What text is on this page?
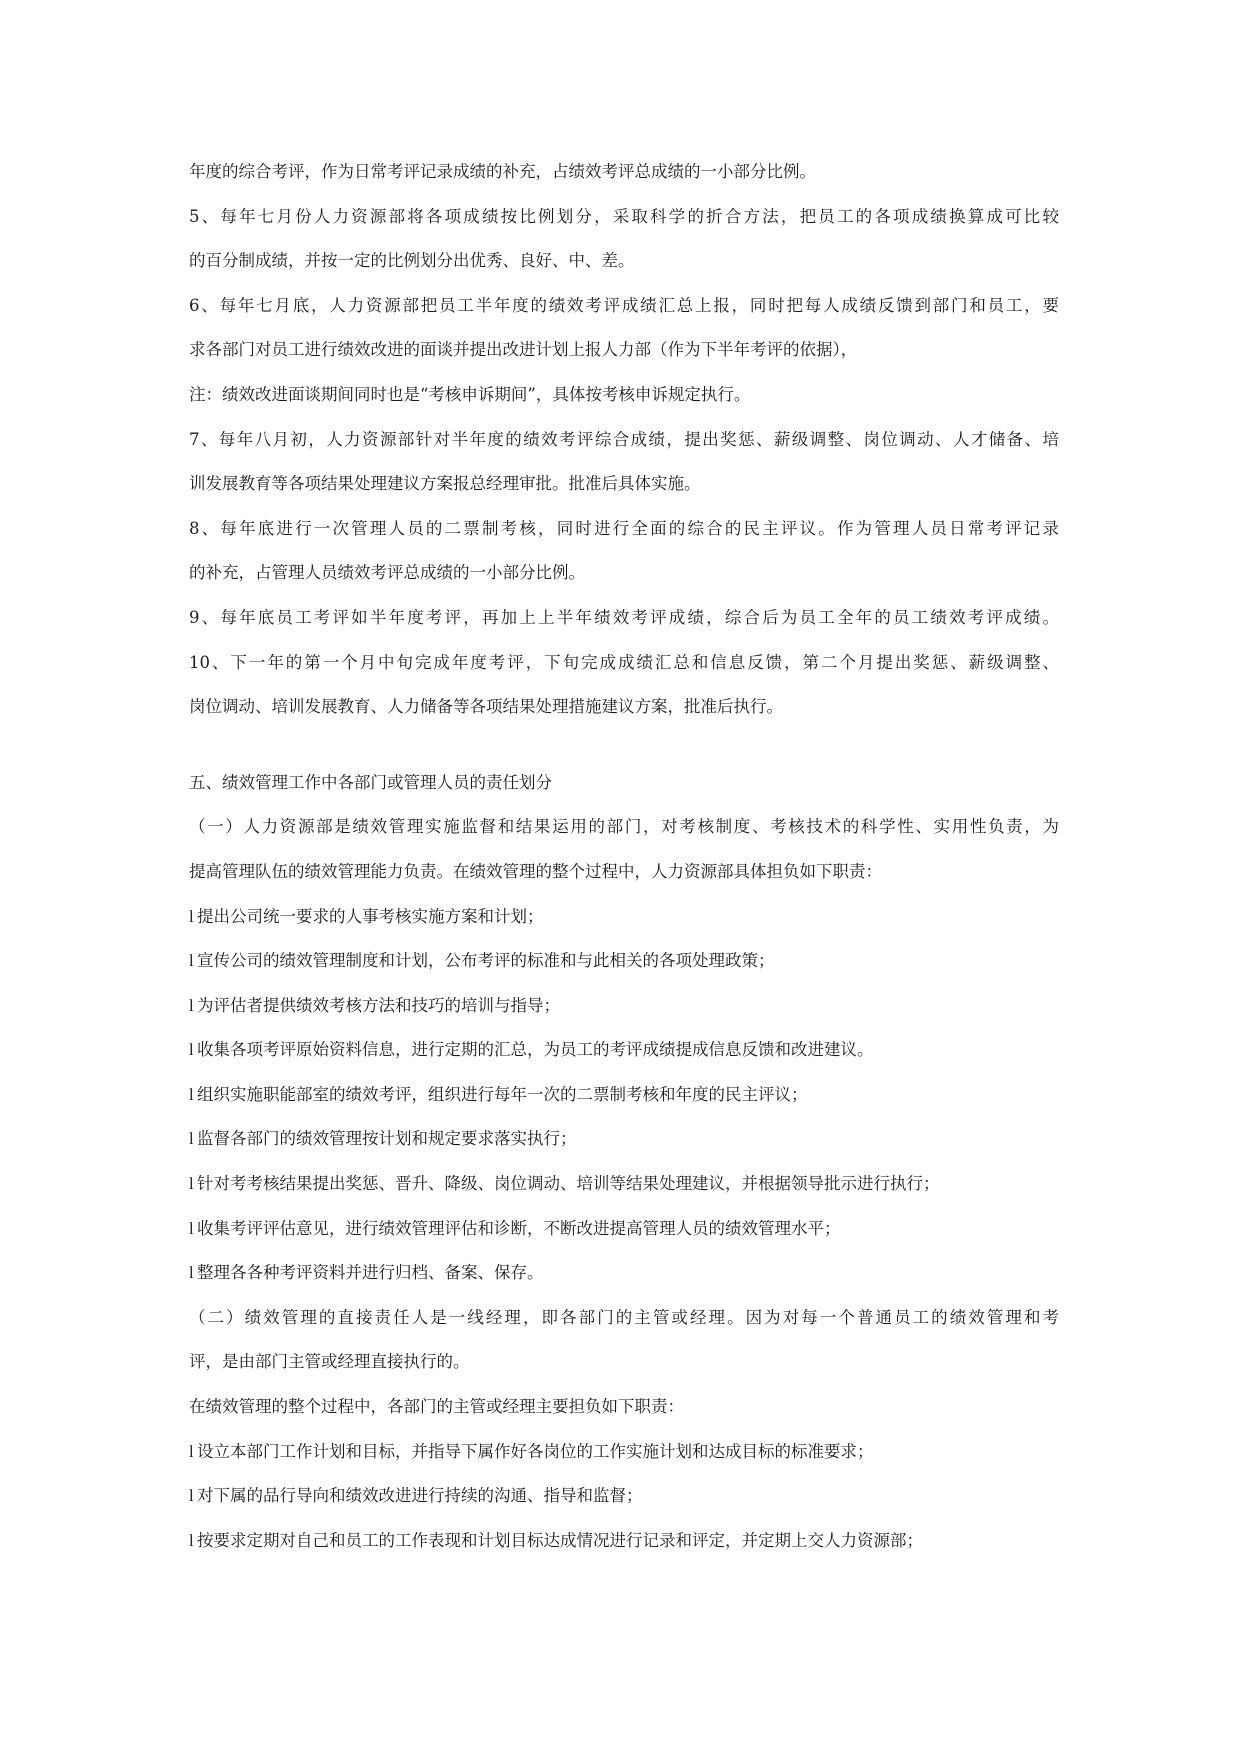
年度的综合考评，作为日常考评记录成绩的补充，占绩效考评总成绩的一小部分比例。
5、每年七月份人力资源部将各项成绩按比例划分，采取科学的折合方法，把员工的各项成绩换算成可比较
的百分制成绩，并按一定的比例划分出优秀、良好、中、差。
6、每年七月底，人力资源部把员工半年度的绩效考评成绩汇总上报，同时把每人成绩反馈到部门和员工，要
求各部门对员工进行绩效改进的面谈并提出改进计划上报人力部（作为下半年考评的依据），
注：绩效改进面谈期间同时也是“考核申诉期间”，具体按考核申诉规定执行。
7、每年八月初，人力资源部针对半年度的绩效考评综合成绩，提出奖惩、薪级调整、岗位调动、人才储备、培
训发展教育等各项结果处理建议方案报总经理审批。批准后具体实施。
8、每年底进行一次管理人员的二票制考核，同时进行全面的综合的民主评议。作为管理人员日常考评记录
的补充，占管理人员绩效考评总成绩的一小部分比例。
9、每年底员工考评如半年度考评，再加上上半年绩效考评成绩，综合后为员工全年的员工绩效考评成绩。
10、下一年的第一个月中旬完成年度考评，下旬完成成绩汇总和信息反馈，第二个月提出奖惩、薪级调整、
岗位调动、培训发展教育、人力储备等各项结果处理措施建议方案，批准后执行。
五、绩效管理工作中各部门或管理人员的责任划分
（一）人力资源部是绩效管理实施监督和结果运用的部门，对考核制度、考核技术的科学性、实用性负责，为
提高管理队伍的绩效管理能力负责。在绩效管理的整个过程中，人力资源部具体担负如下职责：
l 提出公司统一要求的人事考核实施方案和计划；
l 宣传公司的绩效管理制度和计划，公布考评的标准和与此相关的各项处理政策；
l 为评估者提供绩效考核方法和技巧的培训与指导；
l 收集各项考评原始资料信息，进行定期的汇总，为员工的考评成绩提成信息反馈和改进建议。
l 组织实施职能部室的绩效考评，组织进行每年一次的二票制考核和年度的民主评议；
l 监督各部门的绩效管理按计划和规定要求落实执行；
l 针对考考核结果提出奖惩、晋升、降级、岗位调动、培训等结果处理建议，并根据领导批示进行执行；
l 收集考评评估意见，进行绩效管理评估和诊断，不断改进提高管理人员的绩效管理水平；
l 整理各各种考评资料并进行归档、备案、保存。
（二）绩效管理的直接责任人是一线经理，即各部门的主管或经理。因为对每一个普通员工的绩效管理和考
评，是由部门主管或经理直接执行的。
在绩效管理的整个过程中，各部门的主管或经理主要担负如下职责：
l 设立本部门工作计划和目标，并指导下属作好各岗位的工作实施计划和达成目标的标准要求；
l 对下属的品行导向和绩效改进进行持续的沟通、指导和监督；
l 按要求定期对自己和员工的工作表现和计划目标达成情况进行记录和评定，并定期上交人力资源部；
